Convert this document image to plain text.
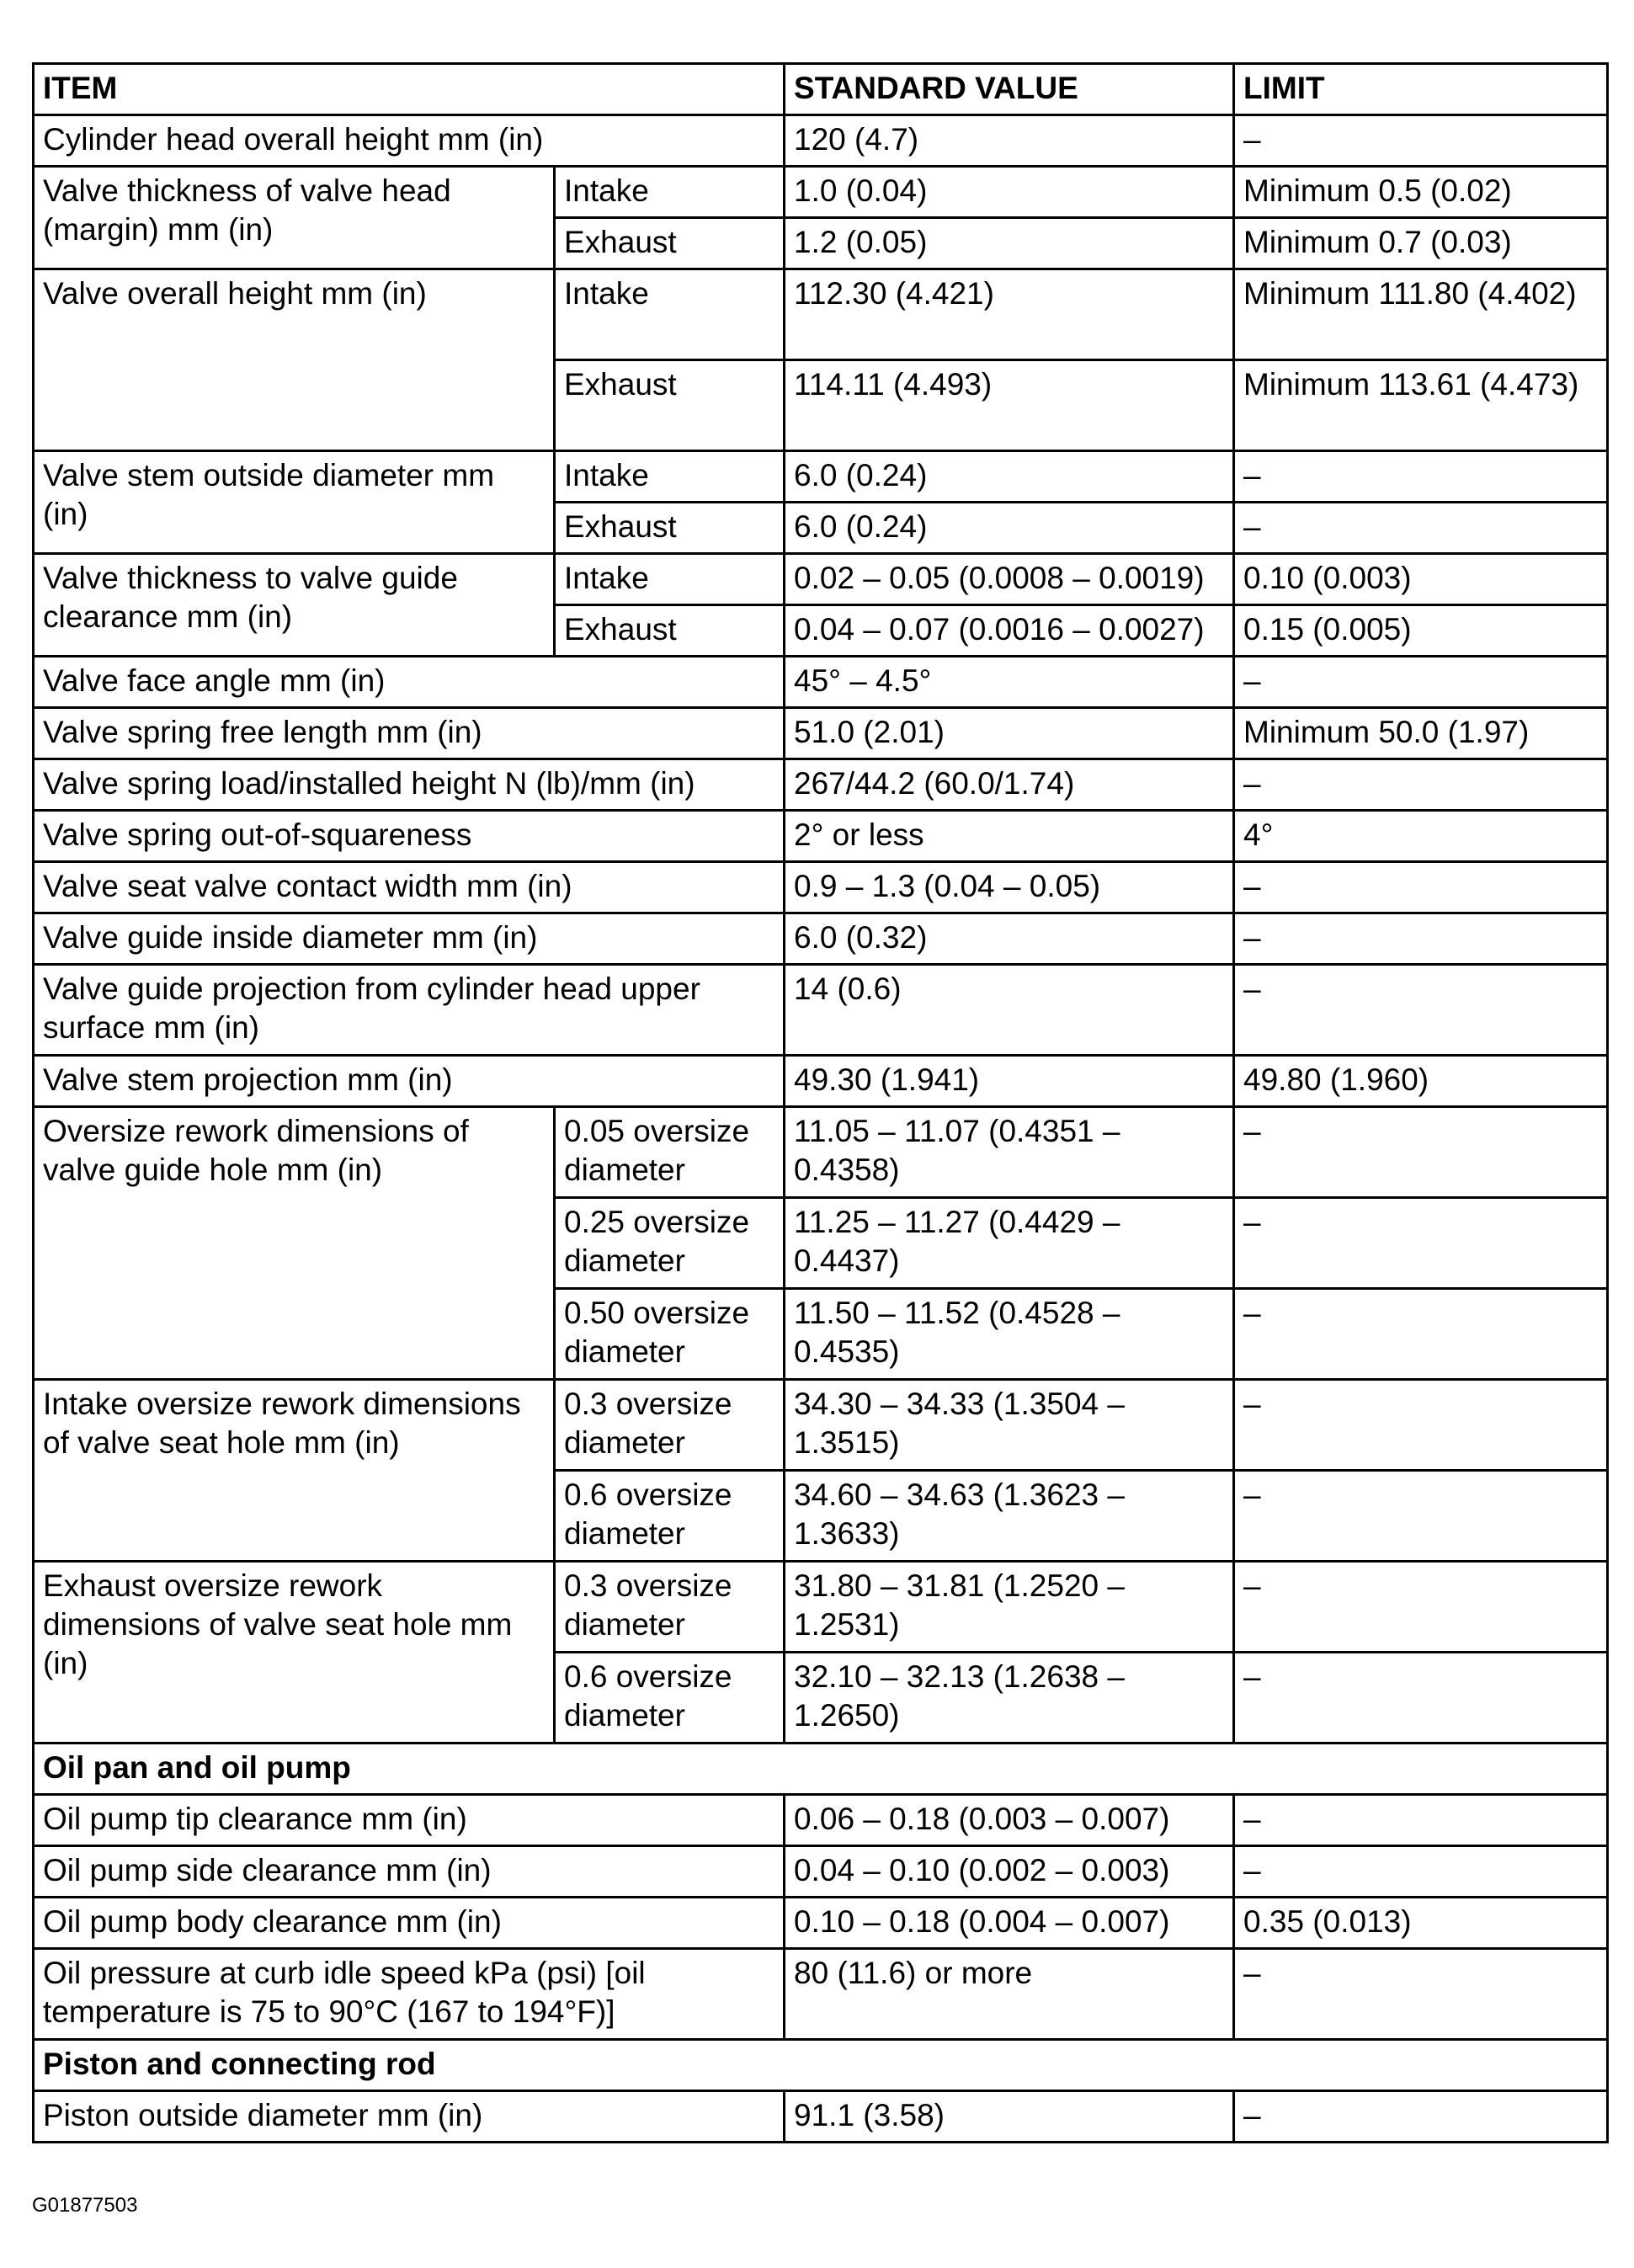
ITEM		STANDARD VALUE	LIMIT
Cylinder head overall height mm (in)		120 (4.7)	–
Valve thickness of valve head (margin) mm (in)	Intake	1.0 (0.04)	Minimum 0.5 (0.02)
	Exhaust	1.2 (0.05)	Minimum 0.7 (0.03)
Valve overall height mm (in)	Intake	112.30 (4.421)	Minimum 111.80 (4.402)
	Exhaust	114.11 (4.493)	Minimum 113.61 (4.473)
Valve stem outside diameter mm (in)	Intake	6.0 (0.24)	–
	Exhaust	6.0 (0.24)	–
Valve thickness to valve guide clearance mm (in)	Intake	0.02 – 0.05 (0.0008 – 0.0019)	0.10 (0.003)
	Exhaust	0.04 – 0.07 (0.0016 – 0.0027)	0.15 (0.005)
Valve face angle mm (in)		45° – 4.5°	–
Valve spring free length mm (in)		51.0 (2.01)	Minimum 50.0 (1.97)
Valve spring load/installed height N (lb)/mm (in)		267/44.2 (60.0/1.74)	–
Valve spring out-of-squareness		2° or less	4°
Valve seat valve contact width mm (in)		0.9 – 1.3 (0.04 – 0.05)	–
Valve guide inside diameter mm (in)		6.0 (0.32)	–
Valve guide projection from cylinder head upper surface mm (in)		14 (0.6)	–
Valve stem projection mm (in)		49.30 (1.941)	49.80 (1.960)
Oversize rework dimensions of valve guide hole mm (in)	0.05 oversize diameter	11.05 – 11.07 (0.4351 – 0.4358)	–
	0.25 oversize diameter	11.25 – 11.27 (0.4429 – 0.4437)	–
	0.50 oversize diameter	11.50 – 11.52 (0.4528 – 0.4535)	–
Intake oversize rework dimensions of valve seat hole mm (in)	0.3 oversize diameter	34.30 – 34.33 (1.3504 – 1.3515)	–
	0.6 oversize diameter	34.60 – 34.63 (1.3623 – 1.3633)	–
Exhaust oversize rework dimensions of valve seat hole mm (in)	0.3 oversize diameter	31.80 – 31.81 (1.2520 – 1.2531)	–
	0.6 oversize diameter	32.10 – 32.13 (1.2638 – 1.2650)	–
Oil pan and oil pump			
Oil pump tip clearance mm (in)		0.06 – 0.18 (0.003 – 0.007)	–
Oil pump side clearance mm (in)		0.04 – 0.10 (0.002 – 0.003)	–
Oil pump body clearance mm (in)		0.10 – 0.18 (0.004 – 0.007)	0.35 (0.013)
Oil pressure at curb idle speed kPa (psi) [oil temperature is 75 to 90°C (167 to 194°F)]		80 (11.6) or more	–
Piston and connecting rod			
Piston outside diameter mm (in)		91.1 (3.58)	–
G01877503
